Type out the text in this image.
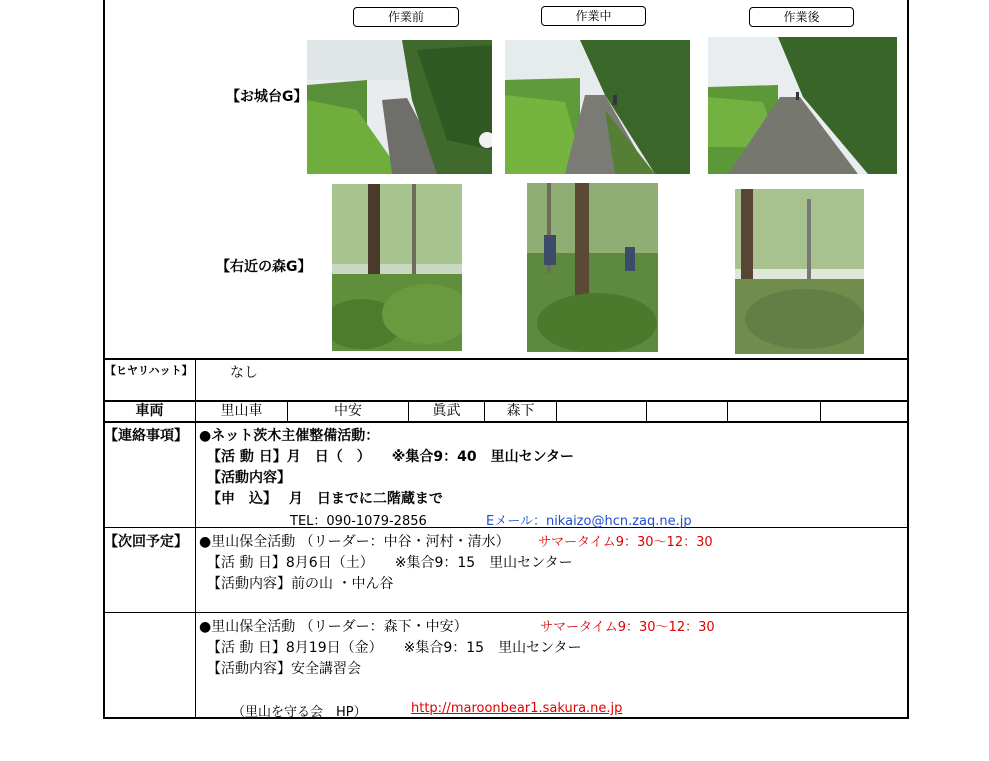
作業前	作業中	作業後
【お城台G】
【右近の森G】
【ヒヤリハット】	なし
車両	里山車	中安	眞武	森下
【連絡事項】 ●ネット茨木主催整備活動：
【活 動 日】月　日（　）　　※集合9：40　里山センター
【活動内容】
【申　込】　 月　日までに二階蔵まで
TEL：090-1079-2856	Eメール：nikaizo@hcn.zaq.ne.jp
【次回予定】 ●里山保全活動 （リーダー：中谷・河村・清水） サマータイム9：30〜12：30
【活 動 日】8月6日（土）　　※集合9：15　里山センター
【活動内容】前の山 ・中ん谷
●里山保全活動 （リーダー：森下・中安）	サマータイム9：30〜12：30
【活 動 日】8月19日（金）　　※集合9：15　里山センター
【活動内容】安全講習会
（里山を守る会　HP）	http://maroonbear1.sakura.ne.jp
